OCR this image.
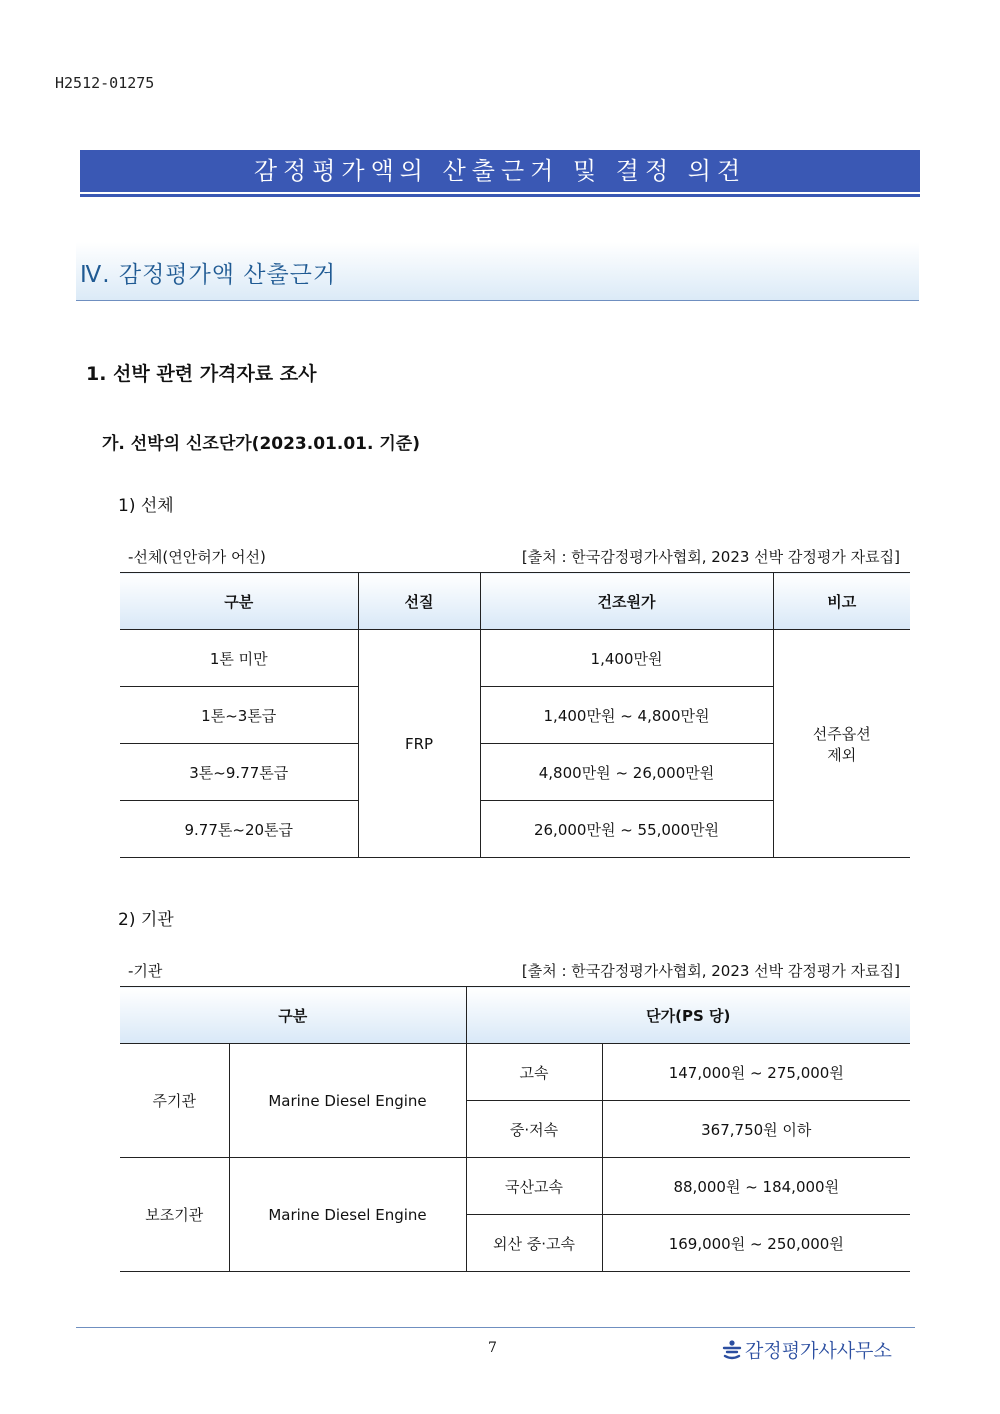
H2512-01275
감정평가액의 산출근거 및 결정 의견
Ⅳ. 감정평가액 산출근거
1. 선박 관련 가격자료 조사
가. 선박의 신조단가(2023.01.01. 기준)
1) 선체
-선체(연안허가 어선)	[출처 : 한국감정평가사협회, 2023 선박 감정평가 자료집]
구분	선질	건조원가	비고
1톤 미만	FRP	1,400만원	선주옵션
제외

1톤~3톤급		1,400만원 ~ 4,800만원	
3톤~9.77톤급		4,800만원 ~ 26,000만원	
9.77톤~20톤급		26,000만원 ~ 55,000만원	
2) 기관
-기관	[출처 : 한국감정평가사협회, 2023 선박 감정평가 자료집]
구분		단가(PS 당)	
주기관	Marine Diesel Engine	고속	147,000원 ~ 275,000원
		중·저속	367,750원 이하
보조기관	Marine Diesel Engine	국산고속	88,000원 ~ 184,000원
		외산 중·고속	169,000원 ~ 250,000원
7	감정평가사사무소
